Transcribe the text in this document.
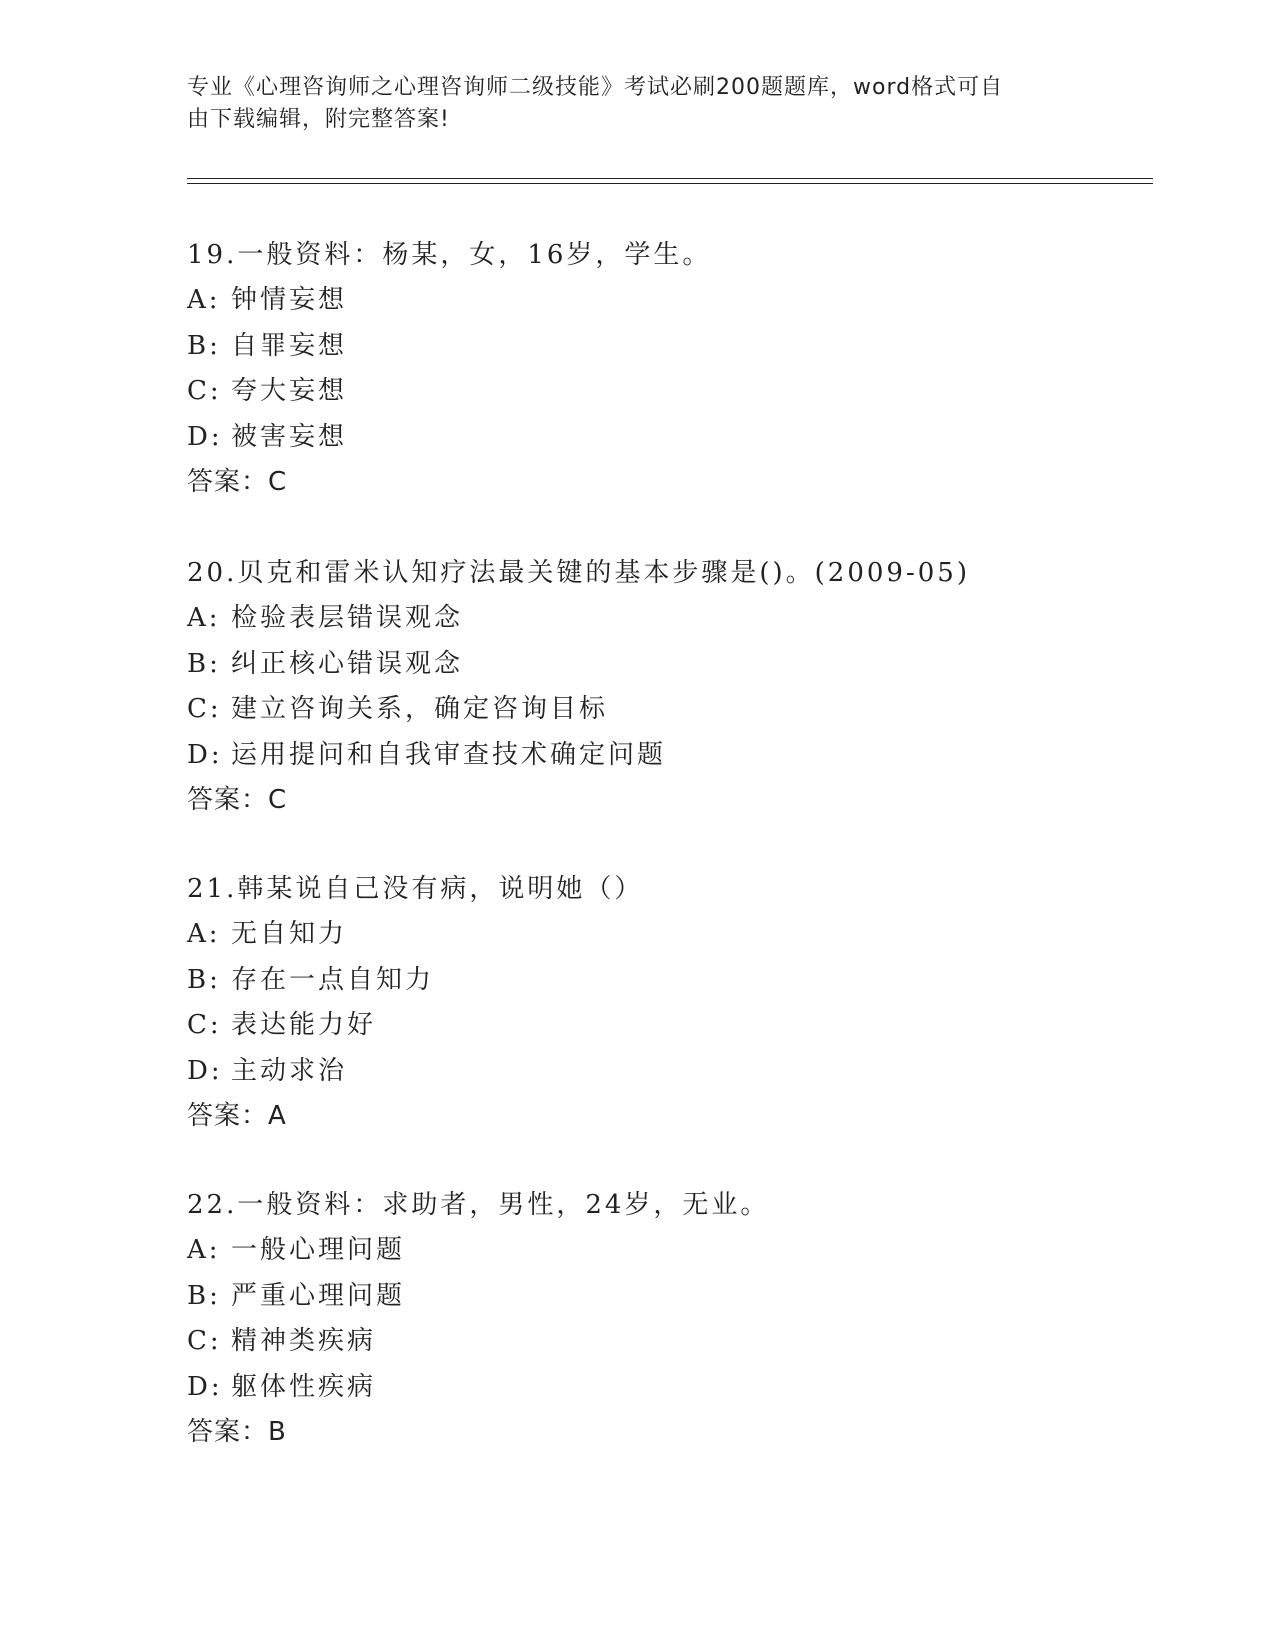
专业《心理咨询师之心理咨询师二级技能》考试必刷200题题库，word格式可自
由下载编辑，附完整答案!
19.一般资料：杨某，女，16岁，学生。
A: 钟情妄想
B: 自罪妄想
C: 夸大妄想
D: 被害妄想
答案：C
20.贝克和雷米认知疗法最关键的基本步骤是()。(2009-05)
A: 检验表层错误观念
B: 纠正核心错误观念
C: 建立咨询关系，确定咨询目标
D: 运用提问和自我审查技术确定问题
答案：C
21.韩某说自己没有病，说明她（）
A: 无自知力
B: 存在一点自知力
C: 表达能力好
D: 主动求治
答案：A
22.一般资料：求助者，男性，24岁，无业。
A: 一般心理问题
B: 严重心理问题
C: 精神类疾病
D: 躯体性疾病
答案：B
